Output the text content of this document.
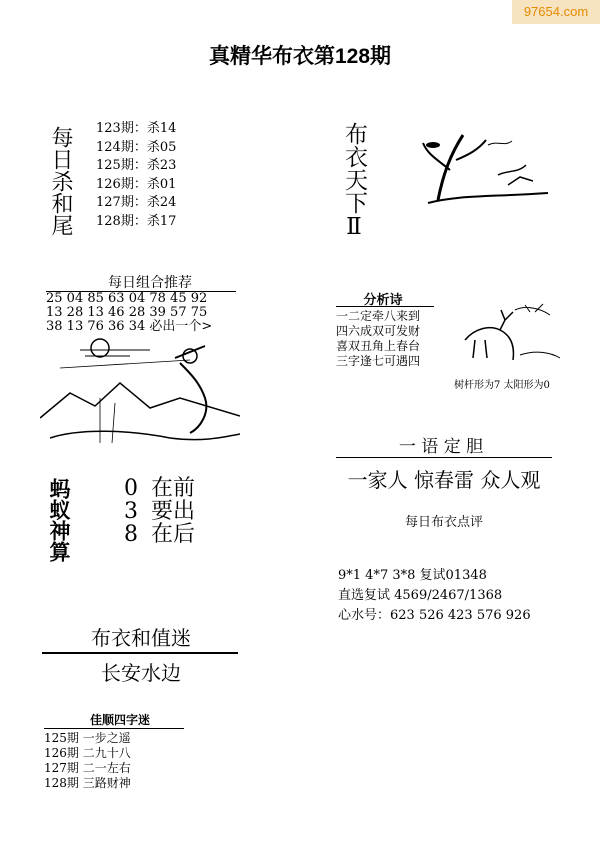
97654.com
真精华布衣第128期
每日杀和尾 123期：杀14
124期：杀05
125期：杀23
126期：杀01
127期：杀24
128期：杀17	布衣天下Ⅱ
每日组合推荐
25 04 85 63 04 78 45 92
13 28 13 46 28 39 57 75
38 13 76 36 34 必出一个>
分析诗
一二定牵八来到
四六成双可发财
喜双丑角上春台
三字逢七可遇四
树杆形为7 太阳形为0
蚂蚁神算 0 在前
3 要出
8 在后
一 语 定 胆
一家人 惊春雷 众人观
每日布衣点评
9*1 4*7 3*8 复试01348
直选复试 4569/2467/1368
心水号：623 526 423 576 926
布衣和值迷
长安水边
佳顺四字迷
125期 一步之遥
126期 二九十八
127期 二一左右
128期 三路财神
